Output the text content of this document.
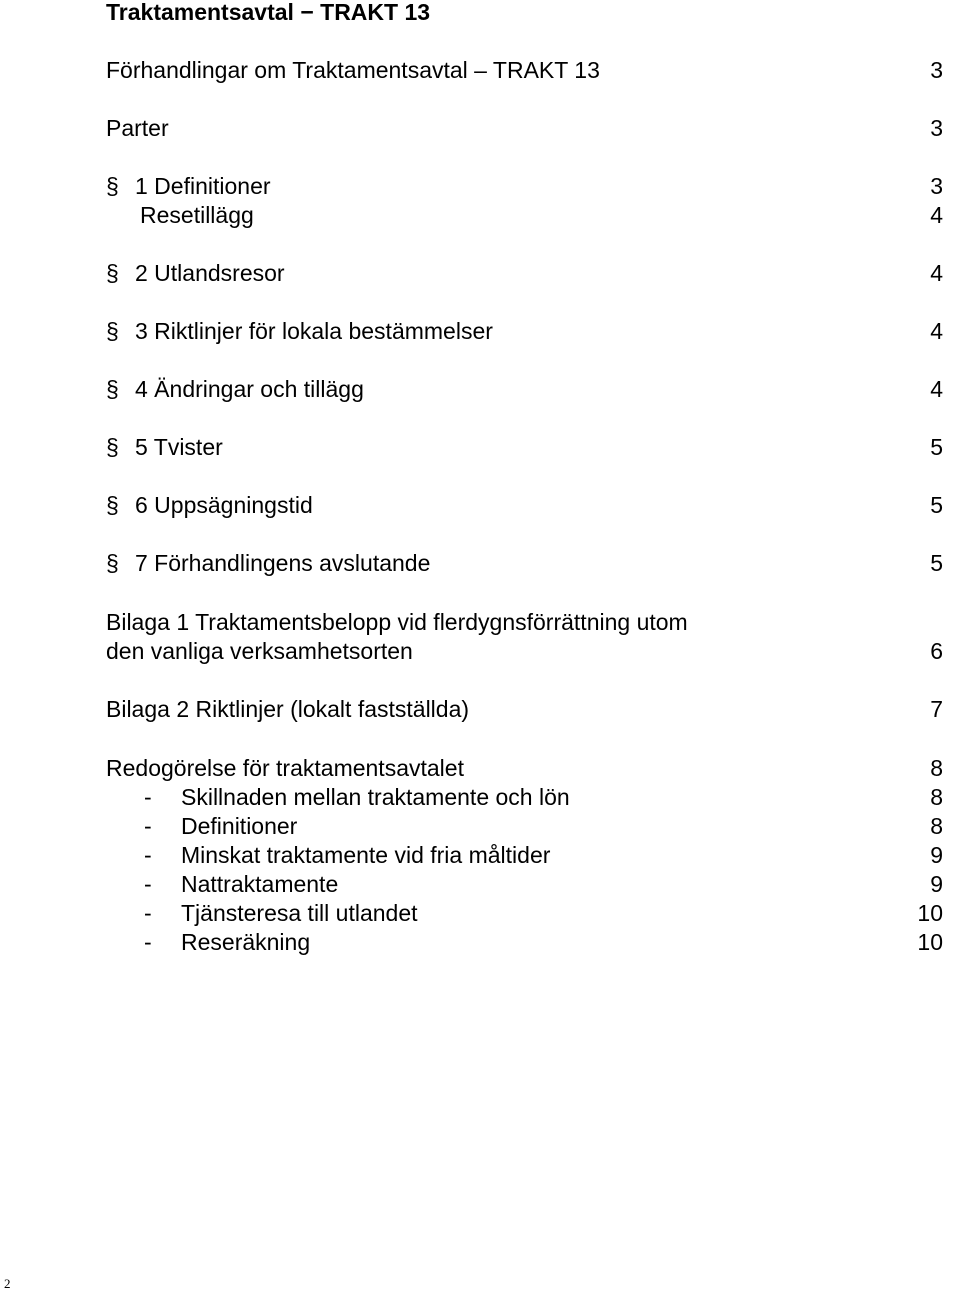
Traktamentsavtal − TRAKT 13
Förhandlingar om Traktamentsavtal – TRAKT 13	3
Parter	3
§ 1 Definitioner	3
Resetillägg	4
§ 2 Utlandsresor	4
§ 3 Riktlinjer för lokala bestämmelser	4
§ 4 Ändringar och tillägg	4
§ 5 Tvister	5
§ 6 Uppsägningstid	5
§ 7 Förhandlingens avslutande	5
Bilaga 1 Traktamentsbelopp vid flerdygnsförrättning utom
den vanliga verksamhetsorten	6
Bilaga 2 Riktlinjer (lokalt fastställda)	7
Redogörelse för traktamentsavtalet	8
- Skillnaden mellan traktamente och lön	8
- Definitioner	8
- Minskat traktamente vid fria måltider	9
- Nattraktamente	9
- Tjänsteresa till utlandet	10
- Reseräkning	10
2
